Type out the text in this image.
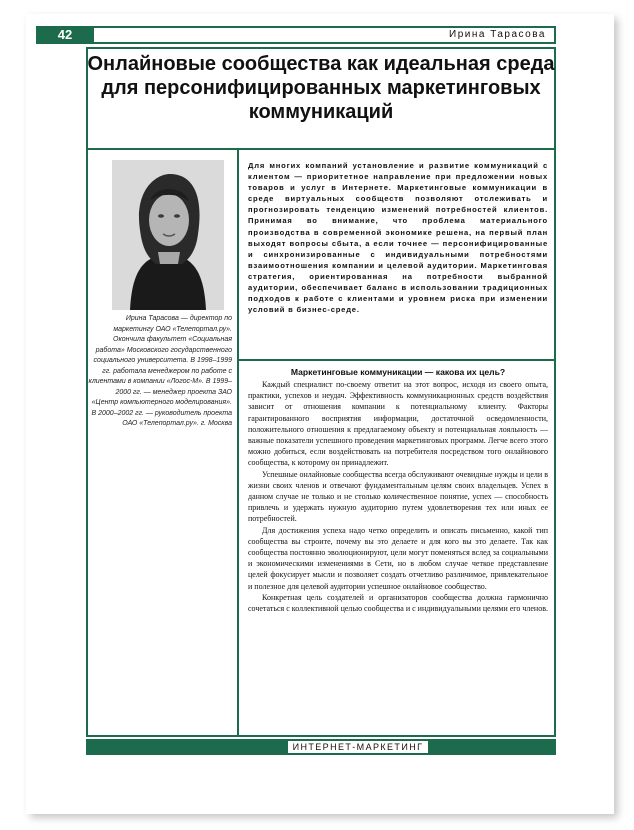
42	Ирина Тарасова
Онлайновые сообщества как идеальная среда для персонифицированных маркетинговых коммуникаций
Ирина Тарасова — директор по маркетингу ОАО «Телепортал.ру». Окончила факультет «Социальная работа» Московского государственного социального университета. В 1998–1999 гг. работала менеджером по работе с клиентами в компании «Логос-М». В 1999–2000 гг. — менеджер проекта ЗАО «Центр компьютерного моделирования». В 2000–2002 гг. — руководитель проекта ОАО «Телепортал.ру». г. Москва
Для многих компаний установление и развитие коммуникаций с клиентом — приоритетное направление при предложении новых товаров и услуг в Интернете. Маркетинговые коммуникации в среде виртуальных сообществ позволяют отслеживать и прогнозировать тенденцию изменений потребностей клиентов. Принимая во внимание, что проблема материального производства в современной экономике решена, на первый план выходят вопросы сбыта, а если точнее — персонифицированные и синхронизированные с индивидуальными потребностями взаимоотношения компании и целевой аудитории. Маркетинговая стратегия, ориентированная на потребности выбранной аудитории, обеспечивает баланс в использовании традиционных подходов к работе с клиентами и уровнем риска при изменении условий в бизнес-среде.
Маркетинговые коммуникации — какова их цель?

Каждый специалист по-своему ответит на этот вопрос, исходя из своего опыта, практики, успехов и неудач. Эффективность коммуникационных средств воздействия зависит от отношения компании к потенциальному клиенту. Факторы гарантированного восприятия информации, достаточной осведомленности, положительного отношения к предлагаемому объекту и потенциальная лояльность — важные показатели успешного проведения маркетинговых программ. Легче всего этого можно добиться, если воздействовать на потребителя посредством того онлайнового сообщества, к которому он принадлежит.

Успешные онлайновые сообщества всегда обслуживают очевидные нужды и цели в жизни своих членов и отвечают фундаментальным целям своих владельцев. Успех в данном случае не только и не столько количественное понятие, успех — способность привлечь и удержать нужную аудиторию путем удовлетворения тех или иных ее потребностей.

Для достижения успеха надо четко определить и описать письменно, какой тип сообщества вы строите, почему вы это делаете и для кого вы это делаете. Так как сообщества постоянно эволюционируют, цели могут поменяться вслед за социальными и экономическими изменениями в Сети, но в любом случае четкое представление целей фокусирует мысли и позволяет создать отчетливо различимое, привлекательное и полезное для целевой аудитории успешное онлайновое сообщество.

Конкретная цель создателей и организаторов сообщества должна гармонично сочетаться с коллективной целью сообщества и с индивидуальными целями его членов.

ИНТЕРНЕТ-МАРКЕТИНГ
